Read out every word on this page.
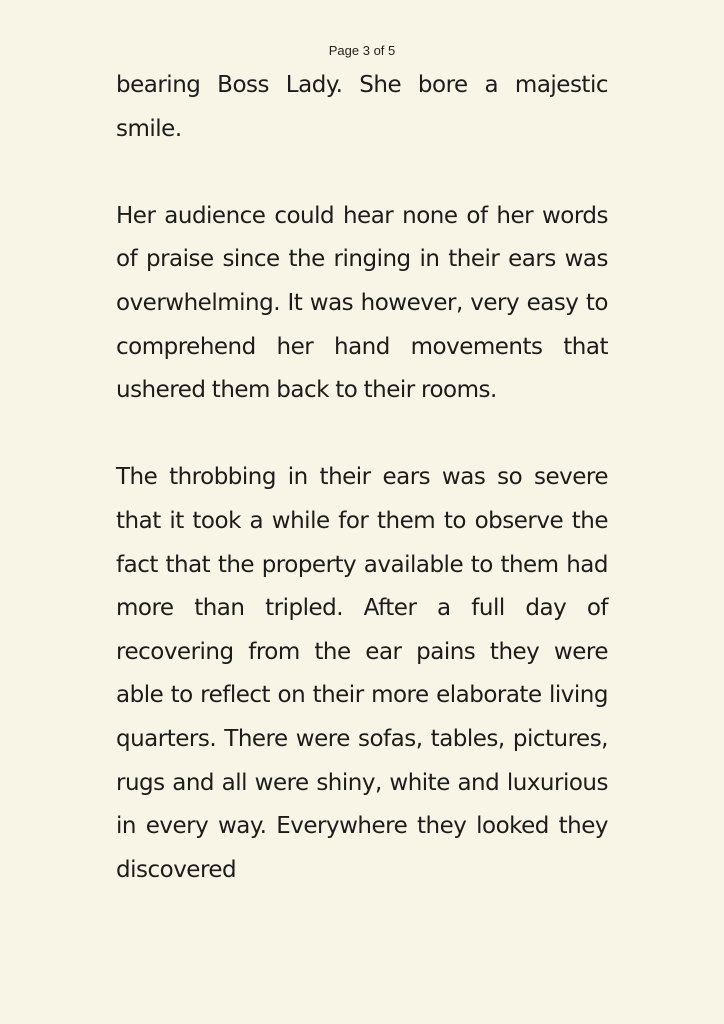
Page 3 of 5

bearing Boss Lady. She bore a majestic smile.

Her audience could hear none of her words of praise since the ringing in their ears was overwhelming. It was however, very easy to comprehend her hand movements that ushered them back to their rooms.

The throbbing in their ears was so severe that it took a while for them to observe the fact that the property available to them had more than tripled. After a full day of recovering from the ear pains they were able to reflect on their more elaborate living quarters. There were sofas, tables, pictures, rugs and all were shiny, white and luxurious in every way. Everywhere they looked they discovered
